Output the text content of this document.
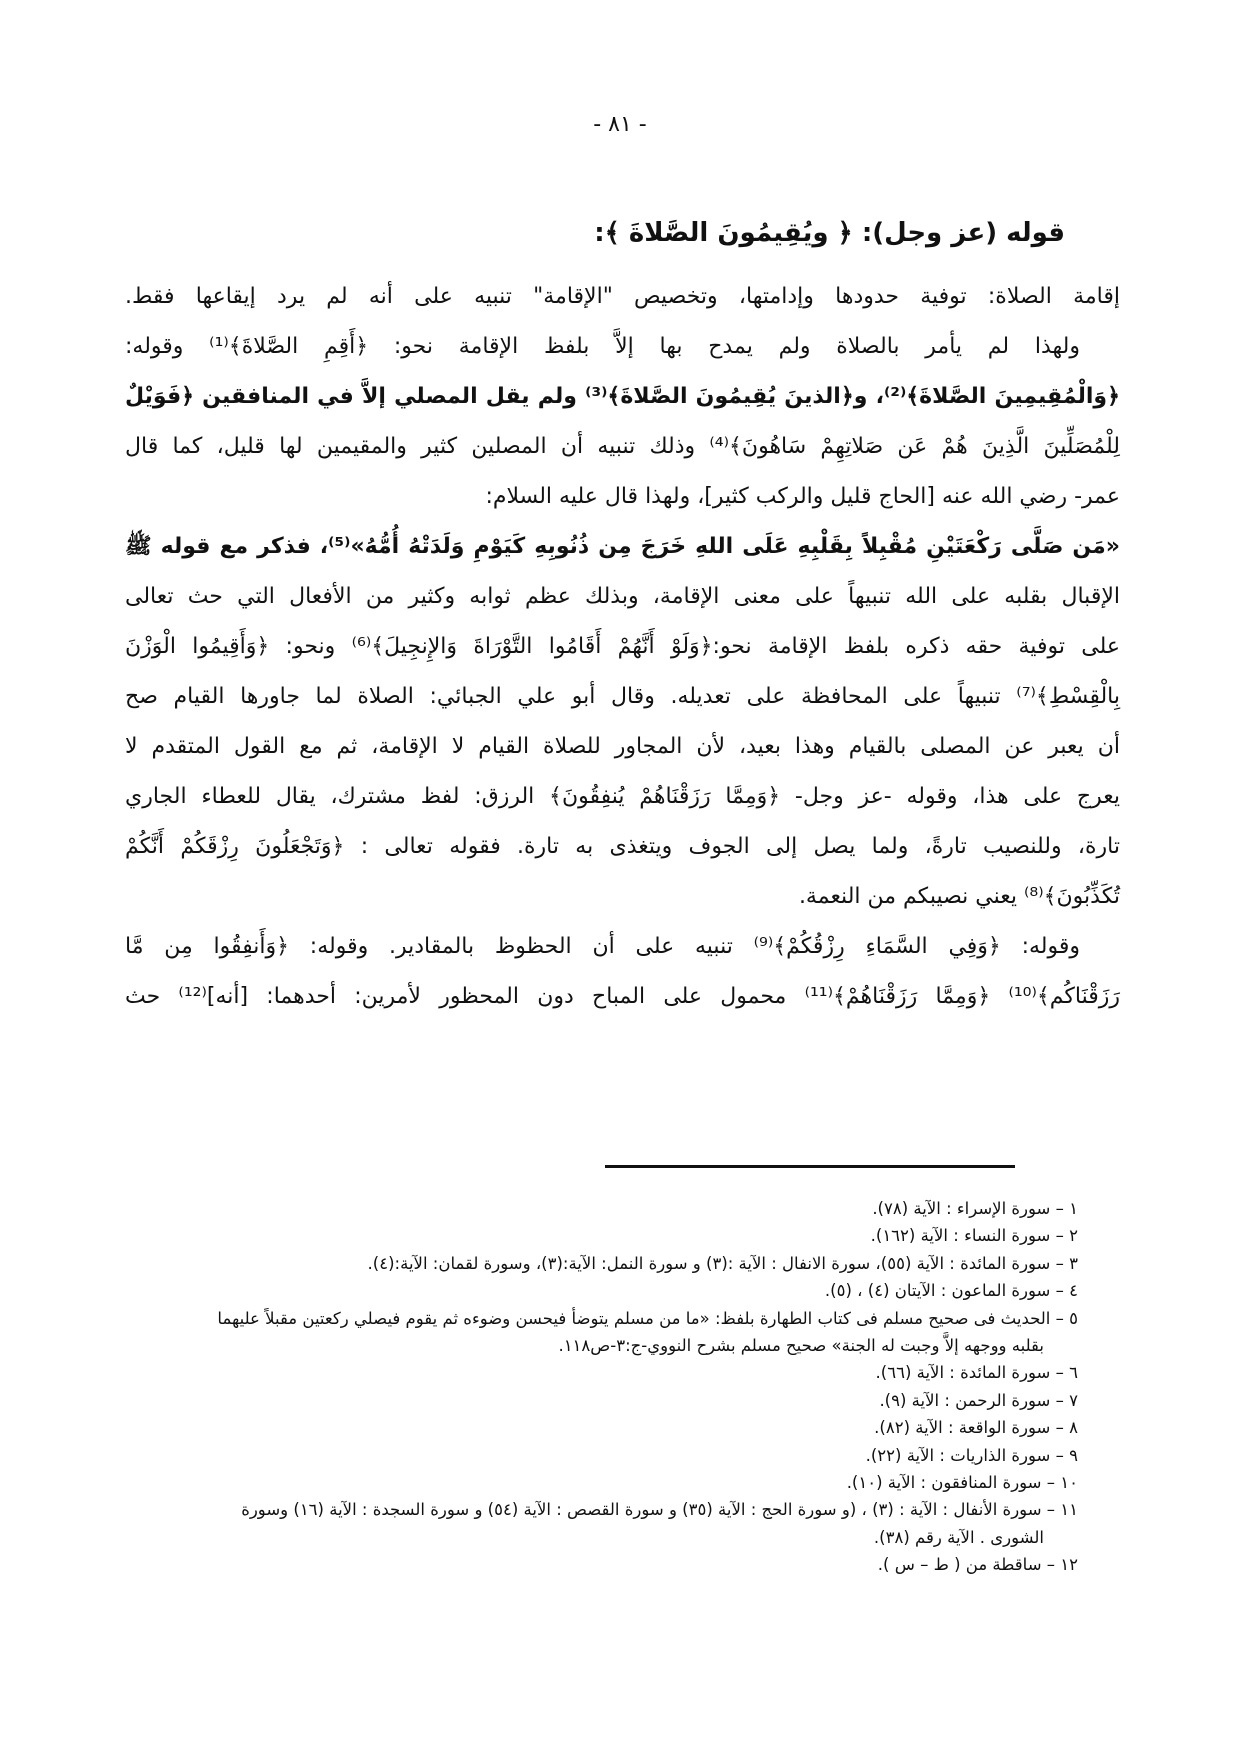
- ٨١ -
قوله (عز وجل): ﴿ ويُقِيمُونَ الصَّلاةَ ﴾:
إقامة الصلاة: توفية حدودها وإدامتها، وتخصيص "الإقامة" تنبيه على أنه لم يرد إيقاعها فقط.
ولهذا لم يأمر بالصلاة ولم يمدح بها إلاَّ بلفظ الإقامة نحو: ﴿أَقِمِ الصَّلاةَ﴾⁽¹⁾ وقوله:
﴿وَالْمُقِيمِينَ الصَّلاةَ﴾⁽²⁾، و﴿الذينَ يُقِيمُونَ الصَّلاةَ﴾⁽³⁾ ولم يقل المصلي إلاَّ في المنافقين ﴿فَوَيْلٌ
لِلْمُصَلِّينَ الَّذِينَ هُمْ عَن صَلاتِهِمْ سَاهُونَ﴾⁽⁴⁾ وذلك تنبيه أن المصلين كثير والمقيمين لها قليل، كما قال
عمر- رضي الله عنه [الحاج قليل والركب كثير]، ولهذا قال عليه السلام:
«مَن صَلَّى رَكْعَتَيْنِ مُقْبِلاً بِقَلْبِهِ عَلَى اللهِ خَرَجَ مِن ذُنُوبِهِ كَيَوْمِ وَلَدَتْهُ أُمُّهُ»⁽⁵⁾، فذكر مع قوله ﷺ
الإقبال بقلبه على الله تنبيهاً على معنى الإقامة، وبذلك عظم ثوابه وكثير من الأفعال التي حث تعالى
على توفية حقه ذكره بلفظ الإقامة نحو:﴿وَلَوْ أَنَّهُمْ أَقَامُوا التَّوْرَاةَ وَالإِنجِيلَ﴾⁽⁶⁾ ونحو: ﴿وَأَقِيمُوا الْوَزْنَ
بِالْقِسْطِ﴾⁽⁷⁾ تنبيهاً على المحافظة على تعديله. وقال أبو علي الجبائي: الصلاة لما جاورها القيام صح
أن يعبر عن المصلى بالقيام وهذا بعيد، لأن المجاور للصلاة القيام لا الإقامة، ثم مع القول المتقدم لا
يعرج على هذا، وقوله -عز وجل- ﴿وَمِمَّا رَزَقْنَاهُمْ يُنفِقُونَ﴾ الرزق: لفظ مشترك، يقال للعطاء الجاري
تارة، وللنصيب تارةً، ولما يصل إلى الجوف ويتغذى به تارة. فقوله تعالى : ﴿وَتَجْعَلُونَ رِزْقَكُمْ أَنَّكُمْ
تُكَذِّبُونَ﴾⁽⁸⁾ يعني نصيبكم من النعمة.
وقوله: ﴿وَفِي السَّمَاءِ رِزْقُكُمْ﴾⁽⁹⁾ تنبيه على أن الحظوظ بالمقادير. وقوله: ﴿وَأَنفِقُوا مِن مَّا
رَزَقْنَاكُم﴾⁽¹⁰⁾ ﴿وَمِمَّا رَزَقْنَاهُمْ﴾⁽¹¹⁾ محمول على المباح دون المحظور لأمرين: أحدهما: [أنه]⁽¹²⁾ حث
١ – سورة الإسراء : الآية (٧٨).
٢ – سورة النساء : الآية (١٦٢).
٣ – سورة المائدة : الآية (٥٥)، سورة الانفال : الآية :(٣) و سورة النمل: الآية:(٣)، وسورة لقمان: الآية:(٤).
٤ – سورة الماعون : الآيتان (٤) ، (٥).
٥ – الحديث فى صحيح مسلم فى كتاب الطهارة بلفظ: «ما من مسلم يتوضأ فيحسن وضوءه ثم يقوم فيصلي ركعتين مقبلاً عليهما
بقلبه ووجهه إلاَّ وجبت له الجنة» صحيح مسلم بشرح النووي-ج:٣-ص١١٨.
٦ – سورة المائدة : الآية (٦٦).
٧ – سورة الرحمن : الآية (٩).
٨ – سورة الواقعة : الآية (٨٢).
٩ – سورة الذاريات : الآية (٢٢).
١٠ – سورة المنافقون : الآية (١٠).
١١ – سورة الأنفال : الآية : (٣) ، (و سورة الحج : الآية (٣٥) و سورة القصص : الآية (٥٤) و سورة السجدة : الآية (١٦) وسورة
الشورى . الآية رقم (٣٨).
١٢ – ساقطة من ( ط – س ).
